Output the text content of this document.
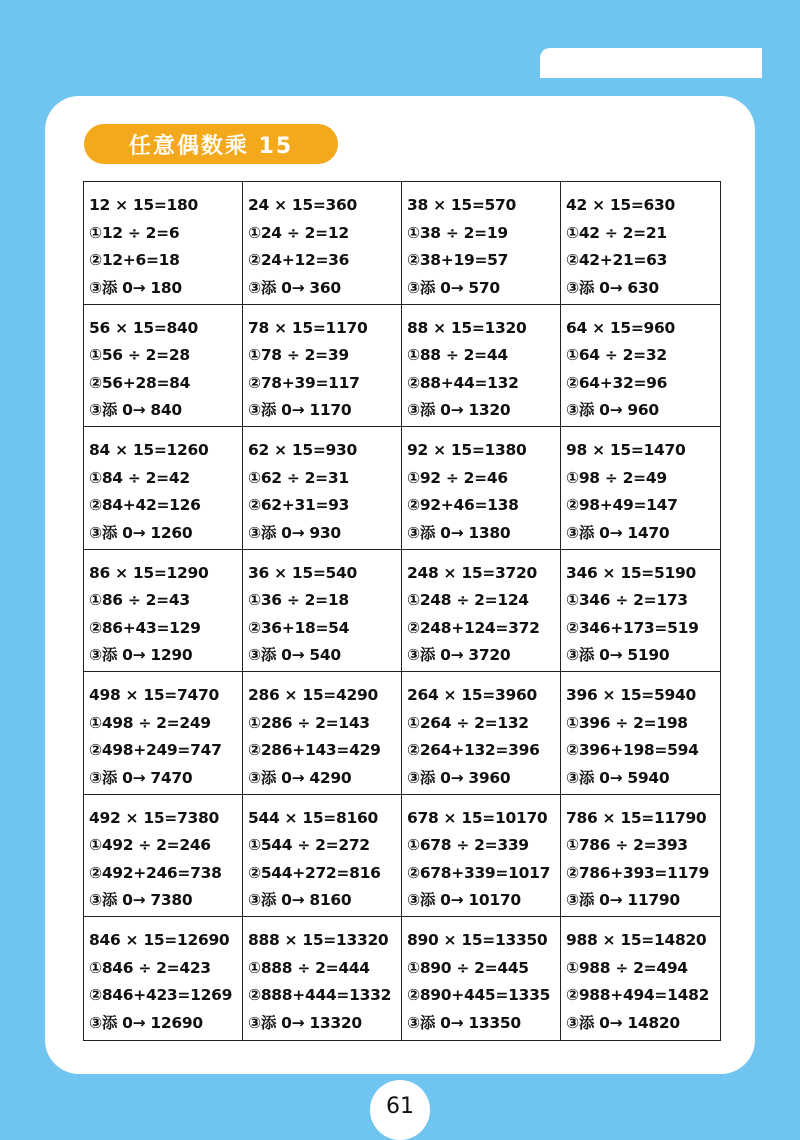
任意偶数乘 15
12 × 15=180
①12 ÷ 2=6
②12+6=18
③添 0→ 180
24 × 15=360
①24 ÷ 2=12
②24+12=36
③添 0→ 360
38 × 15=570
①38 ÷ 2=19
②38+19=57
③添 0→ 570
42 × 15=630
①42 ÷ 2=21
②42+21=63
③添 0→ 630
56 × 15=840
①56 ÷ 2=28
②56+28=84
③添 0→ 840
78 × 15=1170
①78 ÷ 2=39
②78+39=117
③添 0→ 1170
88 × 15=1320
①88 ÷ 2=44
②88+44=132
③添 0→ 1320
64 × 15=960
①64 ÷ 2=32
②64+32=96
③添 0→ 960
84 × 15=1260
①84 ÷ 2=42
②84+42=126
③添 0→ 1260
62 × 15=930
①62 ÷ 2=31
②62+31=93
③添 0→ 930
92 × 15=1380
①92 ÷ 2=46
②92+46=138
③添 0→ 1380
98 × 15=1470
①98 ÷ 2=49
②98+49=147
③添 0→ 1470
86 × 15=1290
①86 ÷ 2=43
②86+43=129
③添 0→ 1290
36 × 15=540
①36 ÷ 2=18
②36+18=54
③添 0→ 540
248 × 15=3720
①248 ÷ 2=124
②248+124=372
③添 0→ 3720
346 × 15=5190
①346 ÷ 2=173
②346+173=519
③添 0→ 5190
498 × 15=7470
①498 ÷ 2=249
②498+249=747
③添 0→ 7470
286 × 15=4290
①286 ÷ 2=143
②286+143=429
③添 0→ 4290
264 × 15=3960
①264 ÷ 2=132
②264+132=396
③添 0→ 3960
396 × 15=5940
①396 ÷ 2=198
②396+198=594
③添 0→ 5940
492 × 15=7380
①492 ÷ 2=246
②492+246=738
③添 0→ 7380
544 × 15=8160
①544 ÷ 2=272
②544+272=816
③添 0→ 8160
678 × 15=10170
①678 ÷ 2=339
②678+339=1017
③添 0→ 10170
786 × 15=11790
①786 ÷ 2=393
②786+393=1179
③添 0→ 11790
846 × 15=12690
①846 ÷ 2=423
②846+423=1269
③添 0→ 12690
888 × 15=13320
①888 ÷ 2=444
②888+444=1332
③添 0→ 13320
890 × 15=13350
①890 ÷ 2=445
②890+445=1335
③添 0→ 13350
988 × 15=14820
①988 ÷ 2=494
②988+494=1482
③添 0→ 14820
61
